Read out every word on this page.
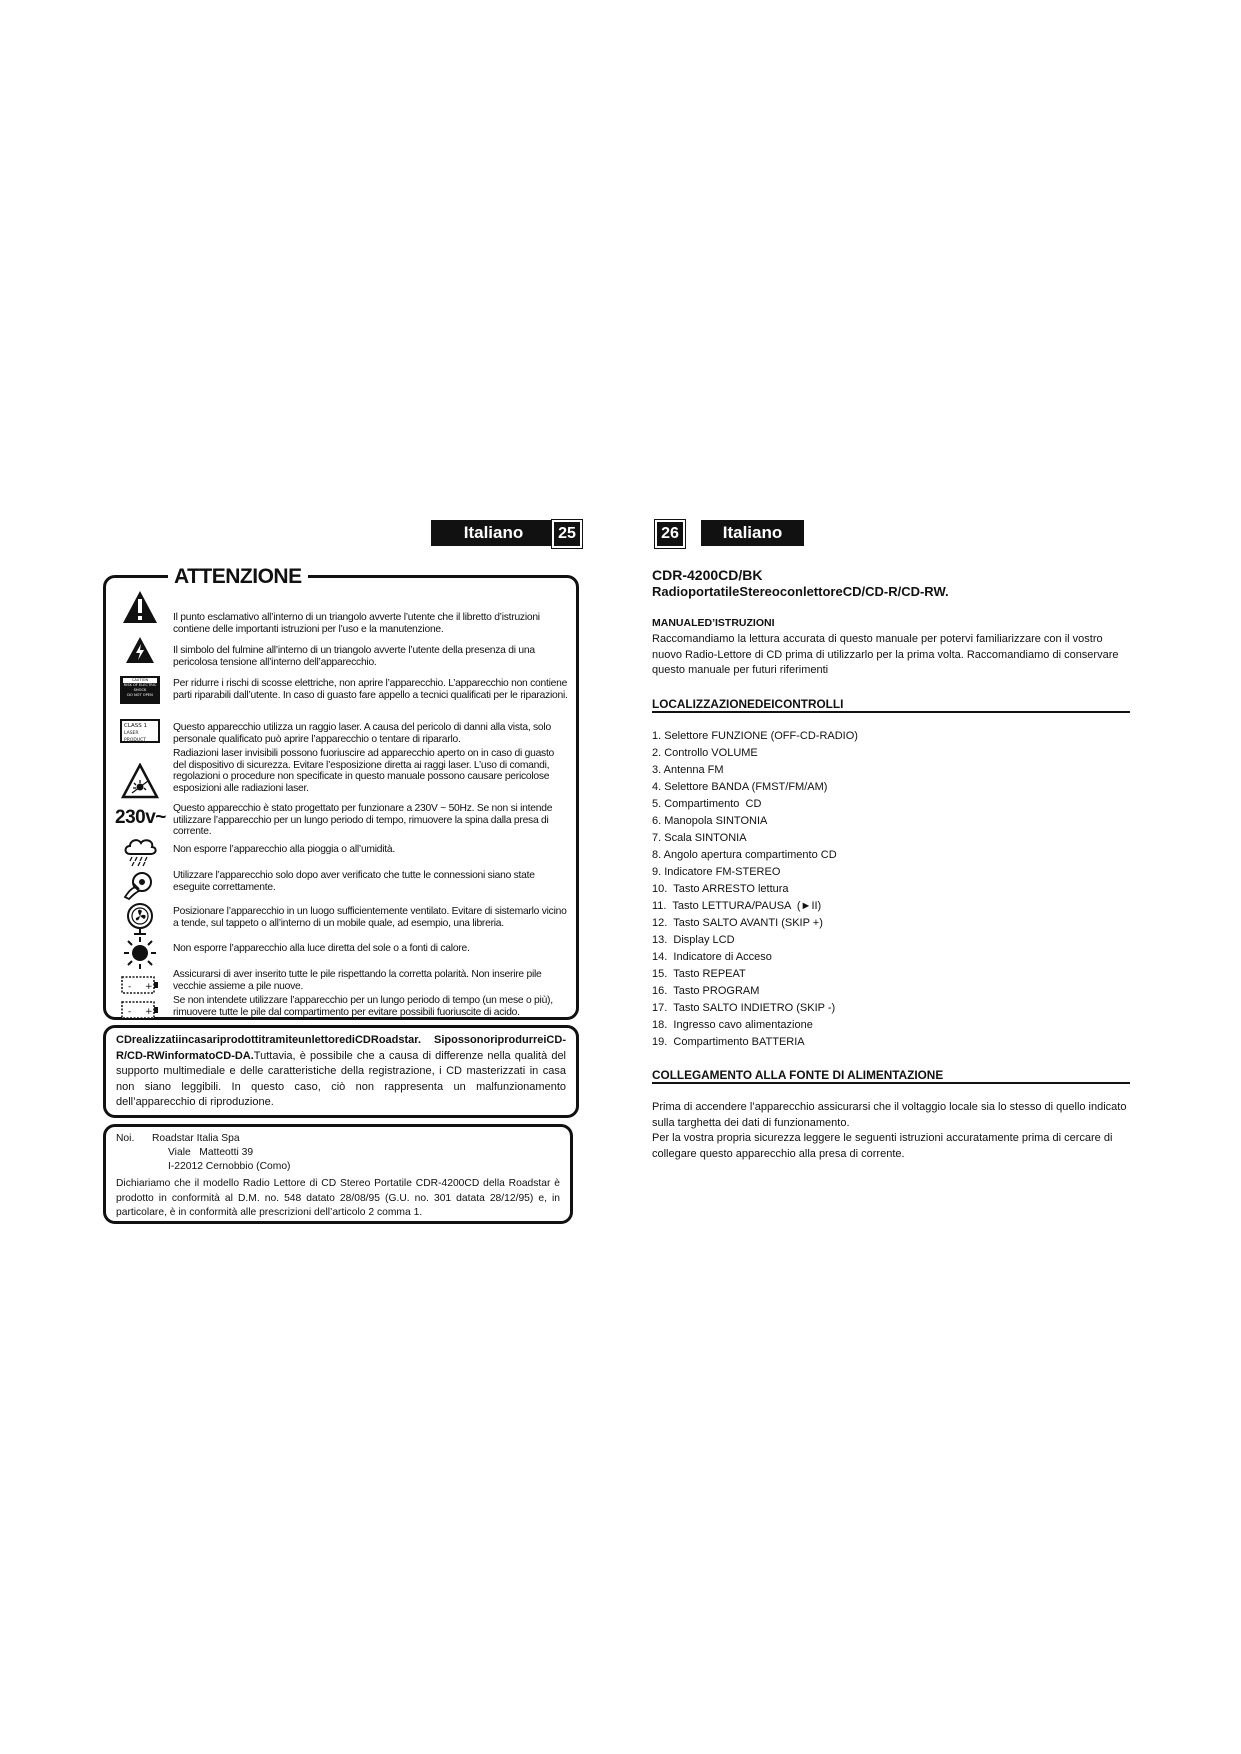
Italiano	25
ATTENZIONE
Il punto esclamativo all’interno di un triangolo avverte l’utente che il libretto d’istruzioni contiene delle importanti istruzioni per l’uso e la manutenzione.
Il simbolo del fulmine all’interno di un triangolo avverte l’utente della presenza di una pericolosa tensione all’interno dell’apparecchio.
CAUTION
RISK OF ELECTRIC
SHOCK
DO NOT OPEN
Per ridurre i rischi di scosse elettriche, non aprire l’apparecchio. L’apparecchio non contiene parti riparabili dall’utente. In caso di guasto fare appello a tecnici qualificati per le riparazioni.
CLASS 1
LASER PRODUCT
Questo apparecchio utilizza un raggio laser. A causa del pericolo di danni alla vista, solo personale qualificato può aprire l’apparecchio o tentare di ripararlo.
Radiazioni laser invisibili possono fuoriuscire ad apparecchio aperto on in caso di guasto del dispositivo di sicurezza. Evitare l’esposizione diretta ai raggi laser. L’uso di comandi, regolazioni o procedure non specificate in questo manuale possono causare pericolose esposizioni alle radiazioni laser.
230v~ Questo apparecchio è stato progettato per funzionare a 230V ~ 50Hz. Se non si intende utilizzare l’apparecchio per un lungo periodo di tempo, rimuovere la spina dalla presa di corrente.
Non esporre l’apparecchio alla pioggia o all’umidità.
Utilizzare l’apparecchio solo dopo aver verificato che tutte le connessioni siano state eseguite correttamente.
Posizionare l’apparecchio in un luogo sufficientemente ventilato. Evitare di sistemarlo vicino a tende, sul tappeto o all’interno di un mobile quale, ad esempio, una libreria.
Non esporre l’apparecchio alla luce diretta del sole o a fonti di calore.
- +
Assicurarsi di aver inserito tutte le pile rispettando la corretta polarità. Non inserire pile vecchie assieme a pile nuove.
- +
Se non intendete utilizzare l’apparecchio per un lungo periodo di tempo (un mese o più), rimuovere tutte le pile dal compartimento per evitare possibili fuoriuscite di acido.
CDrealizzatiincasariprodottitramiteunlettorediCDRoadstar. SipossonoriprodurreiCD-R/CD-RWinformatoCD-DA.Tuttavia, è possibile che a causa di differenze nella qualità del supporto multimediale e delle caratteristiche della registrazione, i CD masterizzati in casa non siano leggibili. In questo caso, ciò non rappresenta un malfunzionamento dell’apparecchio di riproduzione.
Noi. Roadstar Italia Spa
Viale   Matteotti 39
I-22012 Cernobbio (Como)
Dichiariamo che il modello Radio Lettore di CD Stereo Portatile CDR-4200CD della Roadstar è prodotto in conformità al D.M. no. 548 datato 28/08/95 (G.U. no. 301 datata 28/12/95) e, in particolare, è in conformità alle prescrizioni dell’articolo 2 comma 1.
26	Italiano
CDR-4200CD/BK
RadioportatileStereoconlettoreCD/CD-R/CD-RW.
MANUALED’ISTRUZIONI
Raccomandiamo la lettura accurata di questo manuale per potervi familiarizzare con il vostro nuovo Radio-Lettore di CD prima di utilizzarlo per la prima volta. Raccomandiamo di conservare questo manuale per futuri riferimenti
LOCALIZZAZIONEDEICONTROLLI
1. Selettore FUNZIONE (OFF-CD-RADIO)
2. Controllo VOLUME
3. Antenna FM
4. Selettore BANDA (FMST/FM/AM)
5. Compartimento  CD
6. Manopola SINTONIA
7. Scala SINTONIA
8. Angolo apertura compartimento CD
9. Indicatore FM-STEREO
10.  Tasto ARRESTO lettura
11.  Tasto LETTURA/PAUSA  (►II)
12.  Tasto SALTO AVANTI (SKIP +)
13.  Display LCD
14.  Indicatore di Acceso
15.  Tasto REPEAT
16.  Tasto PROGRAM
17.  Tasto SALTO INDIETRO (SKIP -)
18.  Ingresso cavo alimentazione
19.  Compartimento BATTERIA
COLLEGAMENTO ALLA FONTE DI ALIMENTAZIONE
Prima di accendere l’apparecchio assicurarsi che il voltaggio locale sia lo stesso di quello indicato sulla targhetta dei dati di funzionamento.
Per la vostra propria sicurezza leggere le seguenti istruzioni accuratamente prima di cercare di collegare questo apparecchio alla presa di corrente.
